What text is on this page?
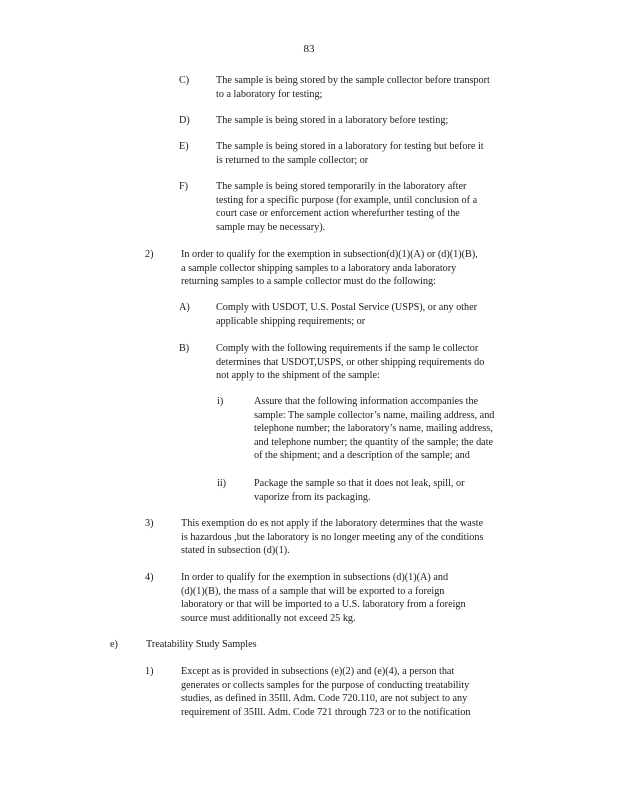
83
C)	The sample is being stored by the sample collector before transport
to a laboratory for testing;
D)	The sample is being stored in a laboratory before testing;
E)	The sample is being stored in a laboratory for testing but before it
is returned to the sample collector; or
F)	The sample is being stored temporarily in the laboratory after
testing for a specific purpose (for example, until conclusion of a
court case or enforcement action wherefurther testing of the
sample may be necessary).
2)	In order to qualify for the exemption in subsection(d)(1)(A) or (d)(1)(B),
a sample collector shipping samples to a laboratory anda laboratory
returning samples to a sample collector must do the following:
A)	Comply with USDOT, U.S. Postal Service (USPS), or any other
applicable shipping requirements; or
B)	Comply with the following requirements if the samp le collector
determines that USDOT,USPS, or other shipping requirements do
not apply to the shipment of the sample:
i)	Assure that the following information accompanies the
sample: The sample collector’s name, mailing address, and
telephone number; the laboratory’s name, mailing address,
and telephone number; the quantity of the sample; the date
of the shipment; and a description of the sample; and
ii)	Package the sample so that it does not leak, spill, or
vaporize from its packaging.
3)	This exemption do es not apply if the laboratory determines that the waste
is hazardous ,but the laboratory is no longer meeting any of the conditions
stated in subsection (d)(1).
4)	In order to qualify for the exemption in subsections (d)(1)(A) and
(d)(1)(B), the mass of a sample that will be exported to a foreign
laboratory or that will be imported to a U.S. laboratory from a foreign
source must additionally not exceed 25 kg.
e)	Treatability Study Samples
1)	Except as is provided in subsections (e)(2) and (e)(4), a person that
generates or collects samples for the purpose of conducting treatability
studies, as defined in 35Ill. Adm. Code 720.110, are not subject to any
requirement of 35Ill. Adm. Code 721 through 723 or to the notification
